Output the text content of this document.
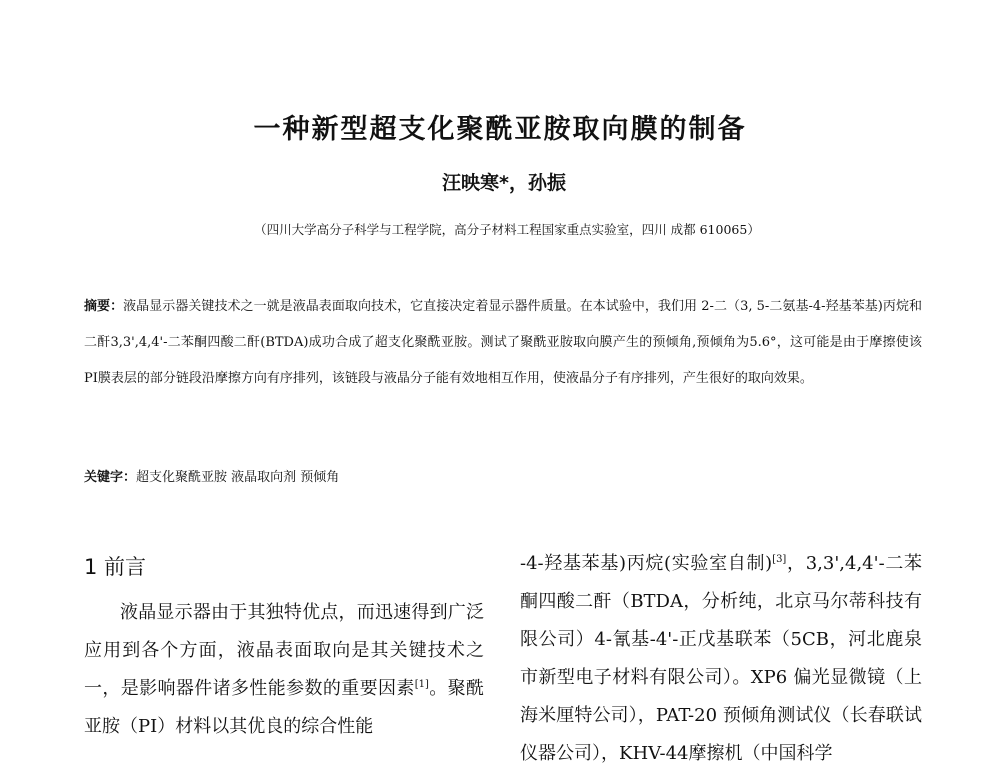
一种新型超支化聚酰亚胺取向膜的制备
汪映寒*，孙振
（四川大学高分子科学与工程学院，高分子材料工程国家重点实验室，四川 成都 610065）
摘要：液晶显示器关键技术之一就是液晶表面取向技术，它直接决定着显示器件质量。在本试验中，我们用 2-二（3, 5-二氨基-4-羟基苯基)丙烷和二酐3,3',4,4'-二苯酮四酸二酐(BTDA)成功合成了超支化聚酰亚胺。测试了聚酰亚胺取向膜产生的预倾角,预倾角为5.6°，这可能是由于摩擦使该PI膜表层的部分链段沿摩擦方向有序排列，该链段与液晶分子能有效地相互作用，使液晶分子有序排列，产生很好的取向效果。
关键字：超支化聚酰亚胺 液晶取向剂 预倾角
1 前言

液晶显示器由于其独特优点，而迅速得到广泛应用到各个方面，液晶表面取向是其关键技术之一，是影响器件诸多性能参数的重要因素[1]。聚酰亚胺（PI）材料以其优良的综合性能

-4-羟基苯基)丙烷(实验室自制)[3]，3,3',4,4'-二苯酮四酸二酐（BTDA，分析纯，北京马尔蒂科技有限公司）4-氰基-4'-正戊基联苯（5CB，河北鹿泉市新型电子材料有限公司）。XP6 偏光显微镜（上海米厘特公司），PAT-20 预倾角测试仪（长春联试仪器公司），KHV-44摩擦机（中国科学
